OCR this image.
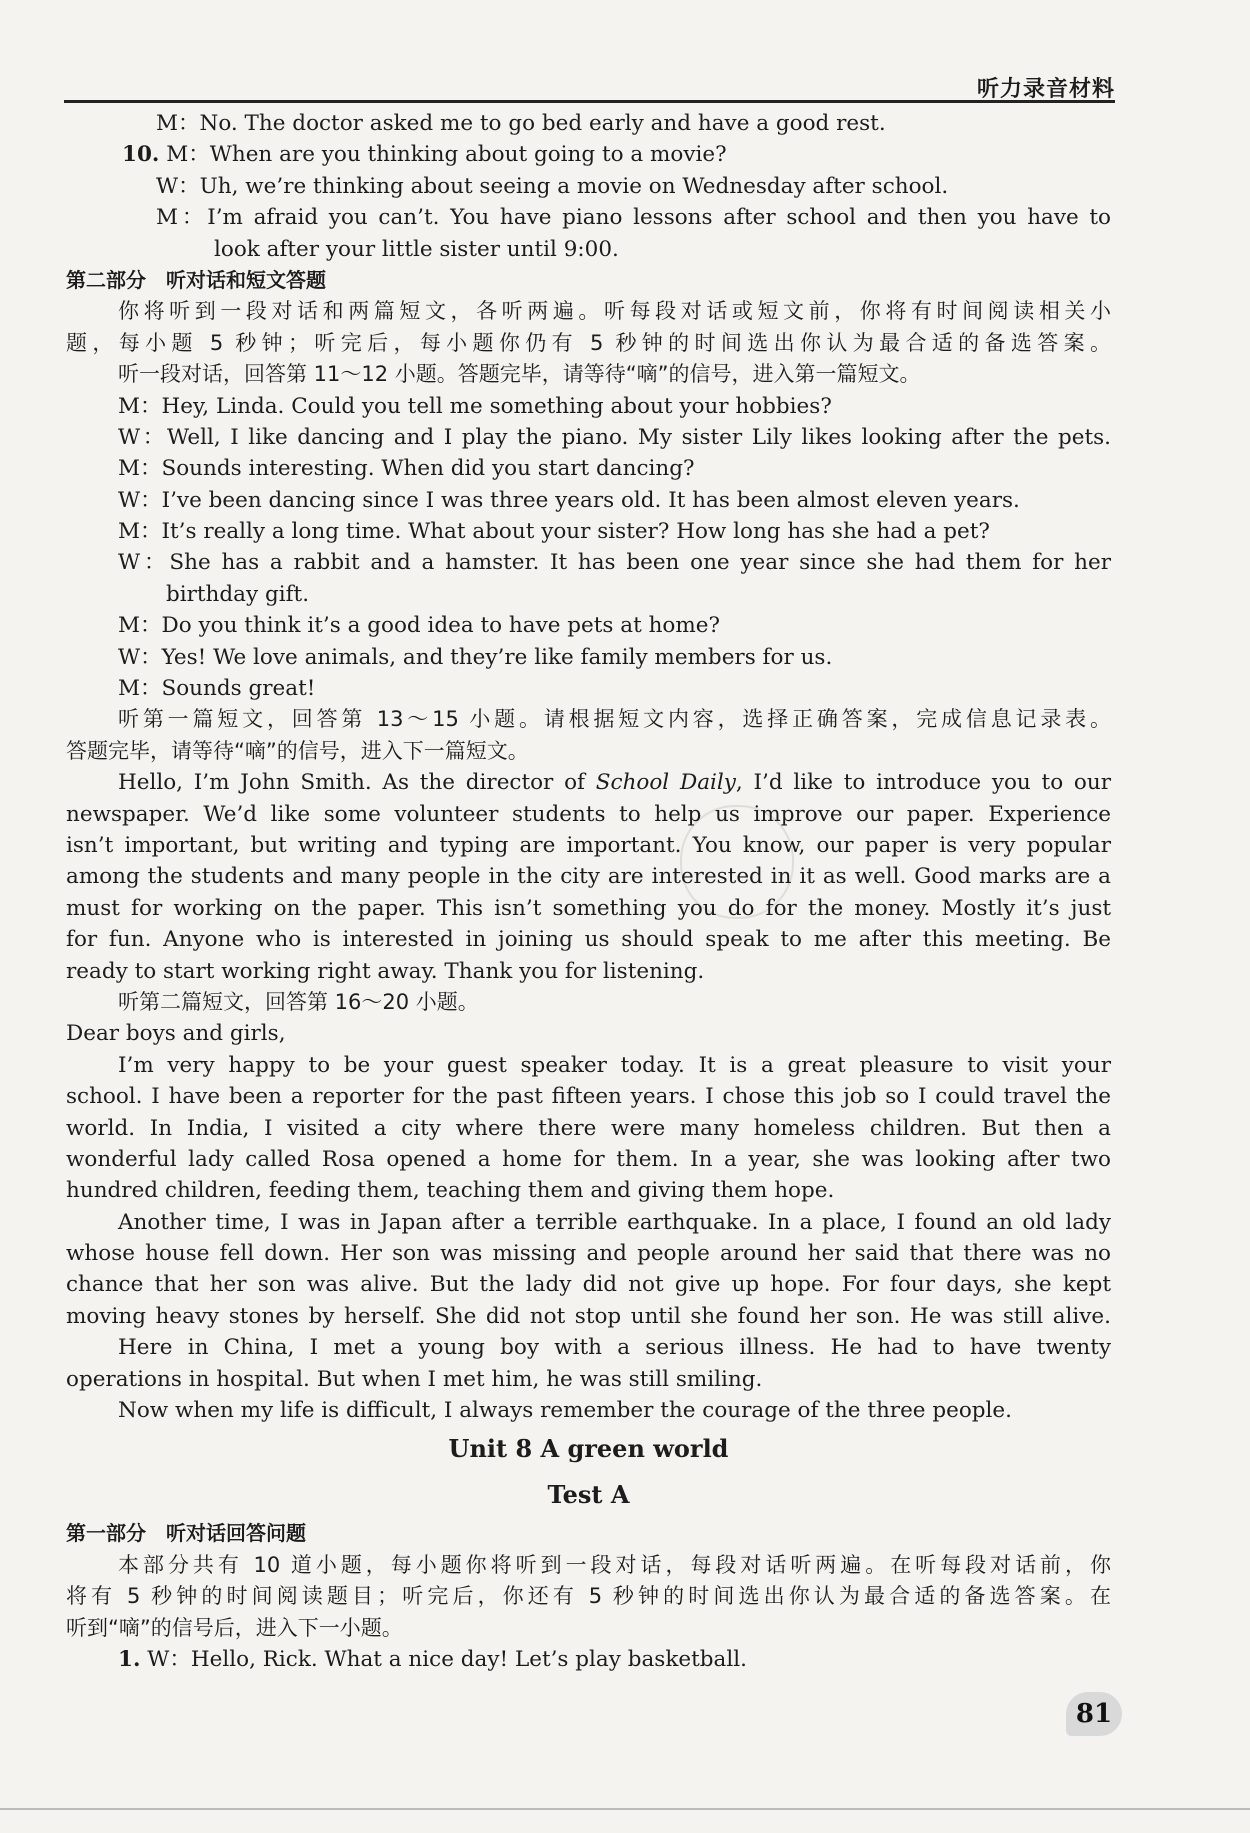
听力录音材料
M：No. The doctor asked me to go bed early and have a good rest.
10. M：When are you thinking about going to a movie?
W：Uh, we’re thinking about seeing a movie on Wednesday after school.
M：I’m afraid you can’t. You have piano lessons after school and then you have to
look after your little sister until 9:00.
第二部分 听对话和短文答题
你将听到一段对话和两篇短文，各听两遍。听每段对话或短文前，你将有时间阅读相关小
题，每小题 5 秒钟；听完后，每小题你仍有 5 秒钟的时间选出你认为最合适的备选答案。
听一段对话，回答第 11～12 小题。答题完毕，请等待“嘀”的信号，进入第一篇短文。
M：Hey, Linda. Could you tell me something about your hobbies?
W：Well, I like dancing and I play the piano. My sister Lily likes looking after the pets.
M：Sounds interesting. When did you start dancing?
W：I’ve been dancing since I was three years old. It has been almost eleven years.
M：It’s really a long time. What about your sister? How long has she had a pet?
W：She has a rabbit and a hamster. It has been one year since she had them for her
birthday gift.
M：Do you think it’s a good idea to have pets at home?
W：Yes! We love animals, and they’re like family members for us.
M：Sounds great!
听第一篇短文，回答第 13～15 小题。请根据短文内容，选择正确答案，完成信息记录表。
答题完毕，请等待“嘀”的信号，进入下一篇短文。
Hello, I’m John Smith. As the director of School Daily, I’d like to introduce you to our
newspaper. We’d like some volunteer students to help us improve our paper. Experience
isn’t important, but writing and typing are important. You know, our paper is very popular
among the students and many people in the city are interested in it as well. Good marks are a
must for working on the paper. This isn’t something you do for the money. Mostly it’s just
for fun. Anyone who is interested in joining us should speak to me after this meeting. Be
ready to start working right away. Thank you for listening.
听第二篇短文，回答第 16～20 小题。
Dear boys and girls,
I’m very happy to be your guest speaker today. It is a great pleasure to visit your
school. I have been a reporter for the past fifteen years. I chose this job so I could travel the
world. In India, I visited a city where there were many homeless children. But then a
wonderful lady called Rosa opened a home for them. In a year, she was looking after two
hundred children, feeding them, teaching them and giving them hope.
Another time, I was in Japan after a terrible earthquake. In a place, I found an old lady
whose house fell down. Her son was missing and people around her said that there was no
chance that her son was alive. But the lady did not give up hope. For four days, she kept
moving heavy stones by herself. She did not stop until she found her son. He was still alive.
Here in China, I met a young boy with a serious illness. He had to have twenty
operations in hospital. But when I met him, he was still smiling.
Now when my life is difficult, I always remember the courage of the three people.
Unit 8 A green world
Test A
第一部分 听对话回答问题
本部分共有 10 道小题，每小题你将听到一段对话，每段对话听两遍。在听每段对话前，你
将有 5 秒钟的时间阅读题目；听完后，你还有 5 秒钟的时间选出你认为最合适的备选答案。在
听到“嘀”的信号后，进入下一小题。
1. W：Hello, Rick. What a nice day! Let’s play basketball.
81
